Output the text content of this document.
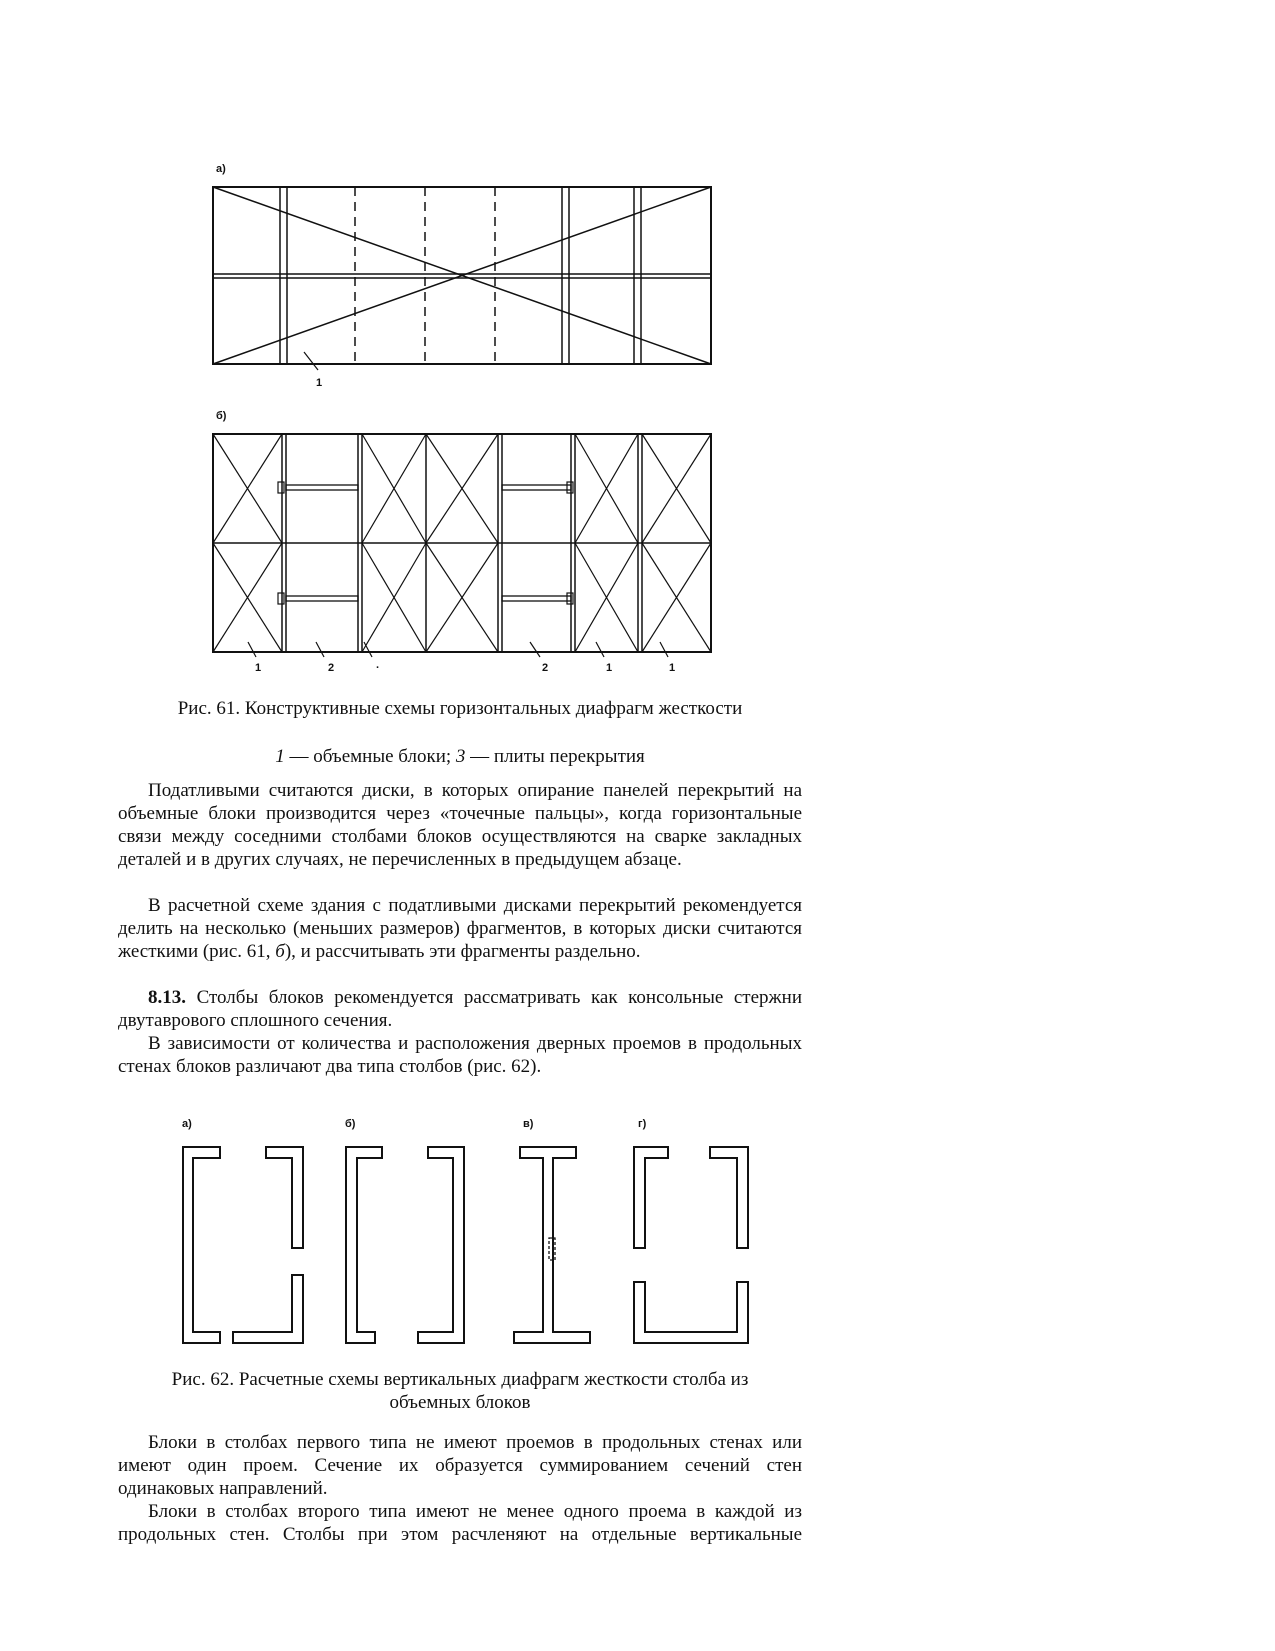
а)
1
б)
1	2	·	2	1	1
Рис. 61. Конструктивные схемы горизонтальных диафрагм жесткости
1 — объемные блоки; 3 — плиты перекрытия

Податливыми считаются диски, в которых опирание панелей перекрытий на объемные блоки производится через «точечные пальцы», когда горизонтальные связи между соседними столбами блоков осуществляются на сварке закладных деталей и в других случаях, не перечисленных в предыдущем абзаце.

В расчетной схеме здания с податливыми дисками перекрытий рекомендуется делить на несколько (меньших размеров) фрагментов, в которых диски считаются жесткими (рис. 61, б), и рассчитывать эти фрагменты раздельно.

8.13. Столбы блоков рекомендуется рассматривать как консольные стержни двутаврового сплошного сечения.

В зависимости от количества и расположения дверных проемов в продольных стенах блоков различают два типа столбов (рис. 62).

а)	б)	в)	г)
Рис. 62. Расчетные схемы вертикальных диафрагм жесткости столба из
объемных блоков

Блоки в столбах первого типа не имеют проемов в продольных стенах или имеют один проем. Сечение их образуется суммированием сечений стен одинаковых направлений.

Блоки в столбах второго типа имеют не менее одного проема в каждой из продольных стен. Столбы при этом расчленяют на отдельные вертикальные
